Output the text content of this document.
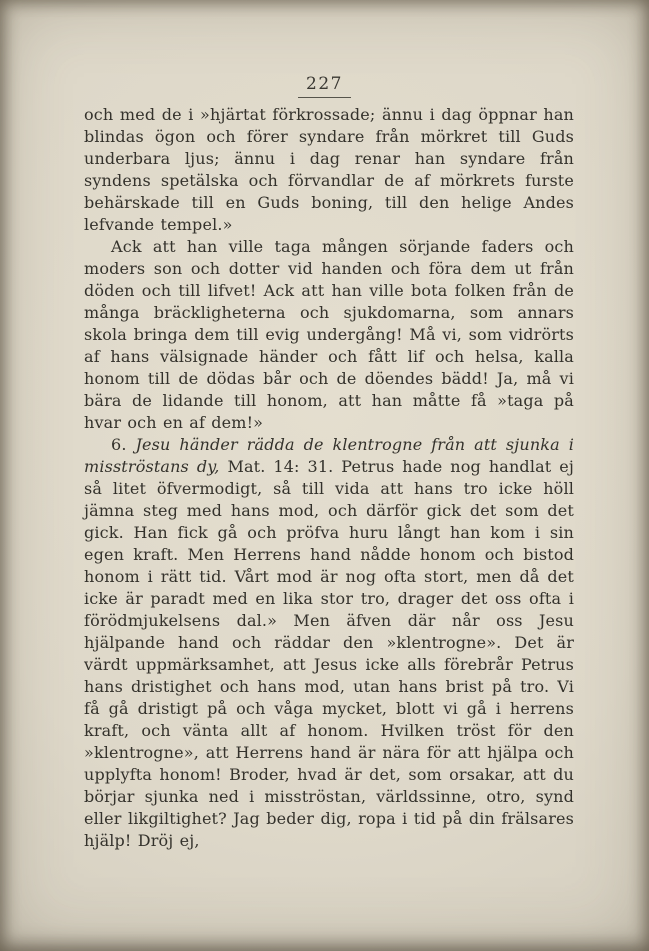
227

och med de i »hjärtat förkrossade; ännu i dag öppnar han blindas ögon och förer syndare från mörkret till Guds underbara ljus; ännu i dag renar han syndare från syndens spetälska och förvandlar de af mörkrets furste behärskade till en Guds boning, till den helige Andes lefvande tempel.»

Ack att han ville taga mången sörjande faders och moders son och dotter vid handen och föra dem ut från döden och till lifvet! Ack att han ville bota folken från de många bräckligheterna och sjukdomarna, som annars skola bringa dem till evig undergång! Må vi, som vidrörts af hans välsignade händer och fått lif och helsa, kalla honom till de dödas bår och de döendes bädd! Ja, må vi bära de lidande till honom, att han måtte få »taga på hvar och en af dem!»

6. Jesu händer rädda de klentrogne från att sjunka i misströstans dy, Mat. 14: 31. Petrus hade nog handlat ej så litet öfvermodigt, så till vida att hans tro icke höll jämna steg med hans mod, och därför gick det som det gick. Han fick gå och pröfva huru långt han kom i sin egen kraft. Men Herrens hand nådde honom och bistod honom i rätt tid. Vårt mod är nog ofta stort, men då det icke är paradt med en lika stor tro, drager det oss ofta i förödmjukelsens dal.» Men äfven där når oss Jesu hjälpande hand och räddar den »klentrogne». Det är värdt uppmärksamhet, att Jesus icke alls förebrår Petrus hans dristighet och hans mod, utan hans brist på tro. Vi få gå dristigt på och våga mycket, blott vi gå i herrens kraft, och vänta allt af honom. Hvilken tröst för den »klentrogne», att Herrens hand är nära för att hjälpa och upplyfta honom! Broder, hvad är det, som orsakar, att du börjar sjunka ned i misströstan, världssinne, otro, synd eller likgiltighet? Jag beder dig, ropa i tid på din frälsares hjälp! Dröj ej,
